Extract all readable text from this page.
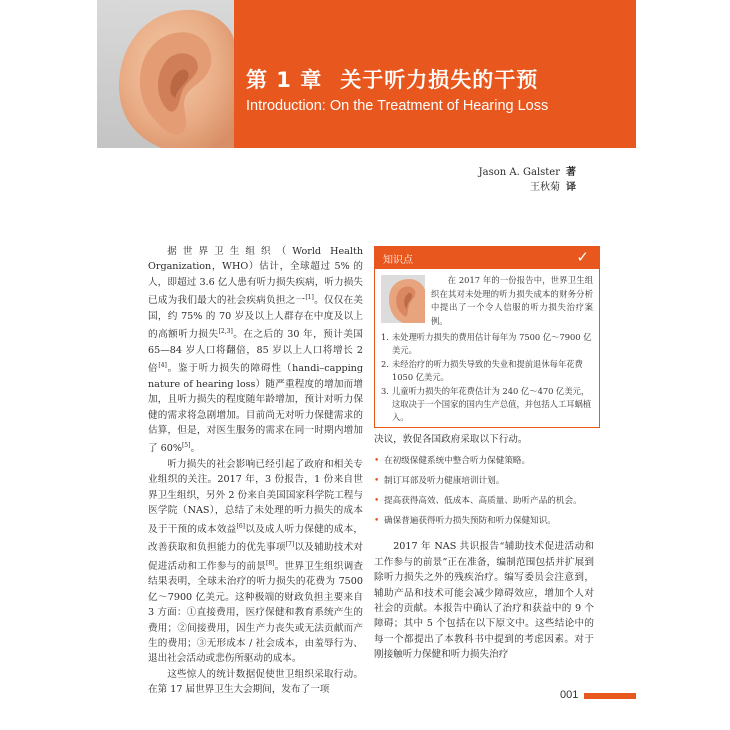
第 1 章 关于听力损失的干预
Introduction: On the Treatment of Hearing Loss
Jason A. Galster 著
王秋菊 译

据世界卫生组织（World Health Organization，WHO）估计，全球超过 5% 的人，即超过 3.6 亿人患有听力损失疾病，听力损失已成为我们最大的社会疾病负担之一[1]。仅仅在美国，约 75% 的 70 岁及以上人群存在中度及以上的高额听力损失[2,3]。在之后的 30 年，预计美国 65—84 岁人口将翻倍，85 岁以上人口将增长 2 倍[4]。鉴于听力损失的障碍性（handi–capping nature of hearing loss）随严重程度的增加而增加，且听力损失的程度随年龄增加，预计对听力保健的需求将急剧增加。目前尚无对听力保健需求的估算，但是，对医生服务的需求在同一时期内增加了 60%[5]。

听力损失的社会影响已经引起了政府和相关专业组织的关注。2017 年，3 份报告，1 份来自世界卫生组织，另外 2 份来自美国国家科学院工程与医学院（NAS），总结了未处理的听力损失的成本及于干预的成本效益[6]以及成人听力保健的成本，改善获取和负担能力的优先事项[7]以及辅助技术对促进活动和工作参与的前景[8]。世界卫生组织调查结果表明，全球未治疗的听力损失的花费为 7500 亿～7900 亿美元。这种极端的财政负担主要来自 3 方面：①直接费用，医疗保健和教育系统产生的费用；②间接费用，因生产力丧失或无法贡献而产生的费用；③无形成本 / 社会成本，由羞辱行为、退出社会活动或悲伤所驱动的成本。

这些惊人的统计数据促使世卫组织采取行动。在第 17 届世界卫生大会期间，发布了一项

知识点	✓
在 2017 年的一份报告中，世界卫生组织在其对未处理的听力损失成本的财务分析中提出了一个令人信服的听力损失治疗案例。
1. 未处理听力损失的费用估计每年为 7500 亿～7900 亿美元。
2. 未经治疗的听力损失导致的失业和提前退休每年花费 1050 亿美元。
3. 儿童听力损失的年花费估计为 240 亿～470 亿美元，这取决于一个国家的国内生产总值，并包括人工耳蜗植入。

决议，敦促各国政府采取以下行动。

• 在初级保健系统中整合听力保健策略。
• 制订耳部及听力健康培训计划。
• 提高获得高效、低成本、高质量、助听产品的机会。
• 确保普遍获得听力损失预防和听力保健知识。

2017 年 NAS 共识报告“辅助技术促进活动和工作参与的前景”正在准备，编制范围包括并扩展到除听力损失之外的残疾治疗。编写委员会注意到，辅助产品和技术可能会减少障碍效应，增加个人对社会的贡献。本报告中确认了治疗和获益中的 9 个障碍；其中 5 个包括在以下原文中。这些结论中的每一个都提出了本教科书中提到的考虑因素。对于刚接触听力保健和听力损失治疗

001
